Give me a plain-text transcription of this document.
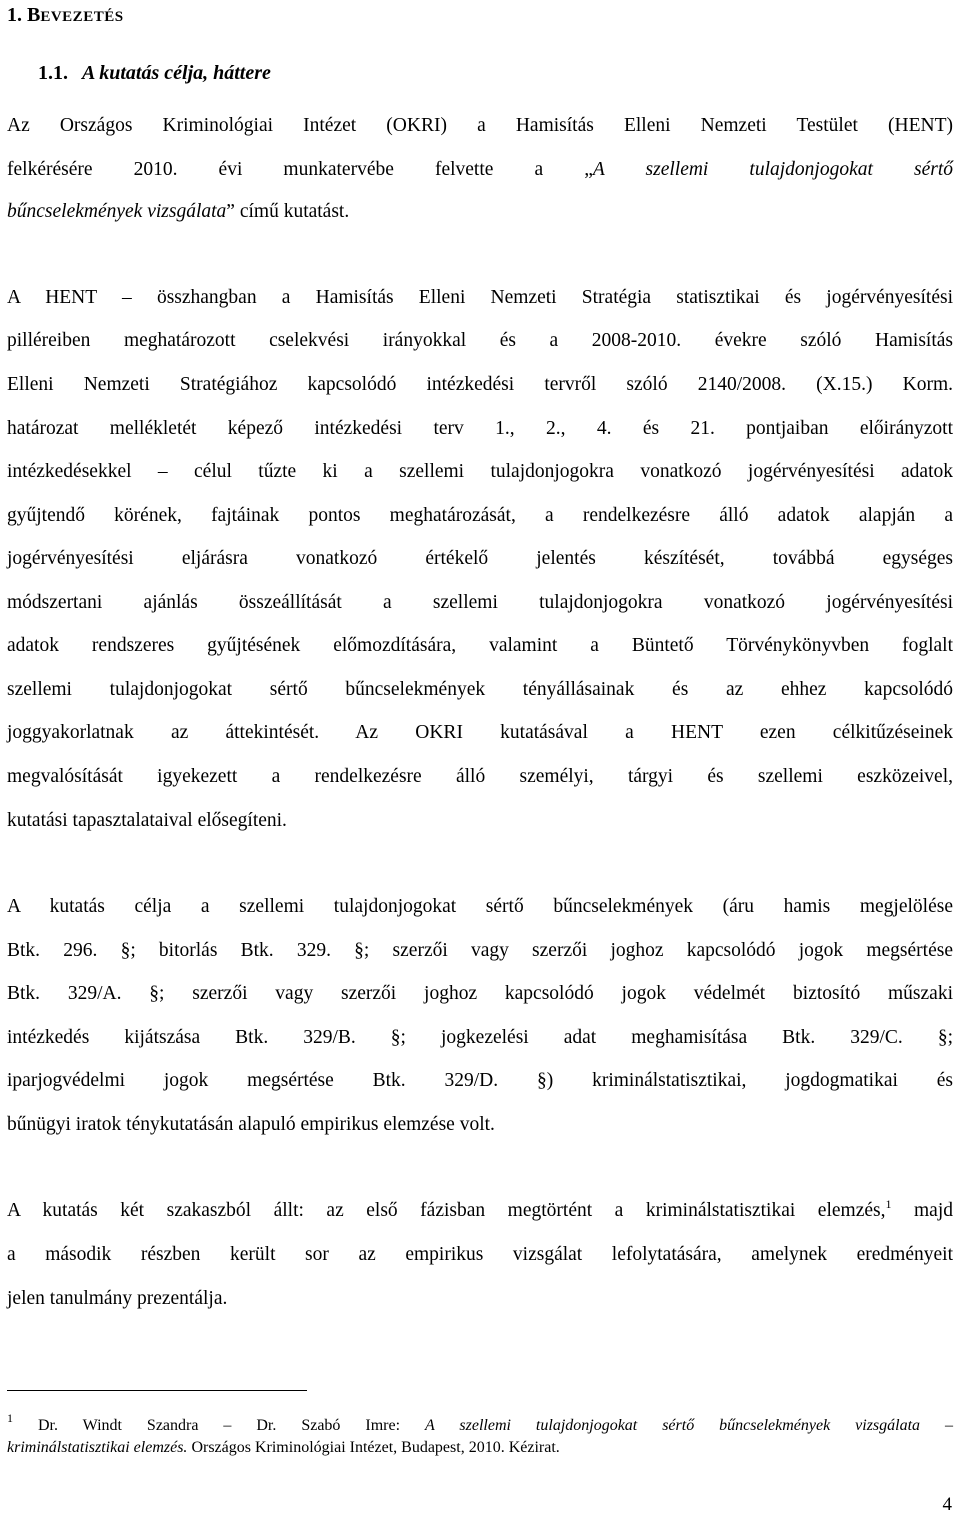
1. BEVEZETÉS
1.1. A kutatás célja, háttere
Az Országos Kriminológiai Intézet (OKRI) a Hamisítás Elleni Nemzeti Testület (HENT)
felkérésére 2010. évi munkatervébe felvette a „A szellemi tulajdonjogokat sértő
bűncselekmények vizsgálata” című kutatást.
A HENT – összhangban a Hamisítás Elleni Nemzeti Stratégia statisztikai és jogérvényesítési
pilléreiben meghatározott cselekvési irányokkal és a 2008-2010. évekre szóló Hamisítás
Elleni Nemzeti Stratégiához kapcsolódó intézkedési tervről szóló 2140/2008. (X.15.) Korm.
határozat mellékletét képező intézkedési terv 1., 2., 4. és 21. pontjaiban előirányzott
intézkedésekkel – célul tűzte ki a szellemi tulajdonjogokra vonatkozó jogérvényesítési adatok
gyűjtendő körének, fajtáinak pontos meghatározását, a rendelkezésre álló adatok alapján a
jogérvényesítési eljárásra vonatkozó értékelő jelentés készítését, továbbá egységes
módszertani ajánlás összeállítását a szellemi tulajdonjogokra vonatkozó jogérvényesítési
adatok rendszeres gyűjtésének előmozdítására, valamint a Büntető Törvénykönyvben foglalt
szellemi tulajdonjogokat sértő bűncselekmények tényállásainak és az ehhez kapcsolódó
joggyakorlatnak az áttekintését. Az OKRI kutatásával a HENT ezen célkitűzéseinek
megvalósítását igyekezett a rendelkezésre álló személyi, tárgyi és szellemi eszközeivel,
kutatási tapasztalataival elősegíteni.
A kutatás célja a szellemi tulajdonjogokat sértő bűncselekmények (áru hamis megjelölése
Btk. 296. §; bitorlás Btk. 329. §; szerzői vagy szerzői joghoz kapcsolódó jogok megsértése
Btk. 329/A. §; szerzői vagy szerzői joghoz kapcsolódó jogok védelmét biztosító műszaki
intézkedés kijátszása Btk. 329/B. §; jogkezelési adat meghamisítása Btk. 329/C. §;
iparjogvédelmi jogok megsértése Btk. 329/D. §) kriminálstatisztikai, jogdogmatikai és
bűnügyi iratok ténykutatásán alapuló empirikus elemzése volt.
A kutatás két szakaszból állt: az első fázisban megtörtént a kriminálstatisztikai elemzés,$^1$ majd
a második részben került sor az empirikus vizsgálat lefolytatására, amelynek eredményeit
jelen tanulmány prezentálja.
$^1$ Dr. Windt Szandra – Dr. Szabó Imre: A szellemi tulajdonjogokat sértő bűncselekmények vizsgálata –
kriminálstatisztikai elemzés. Országos Kriminológiai Intézet, Budapest, 2010. Kézirat.
4
